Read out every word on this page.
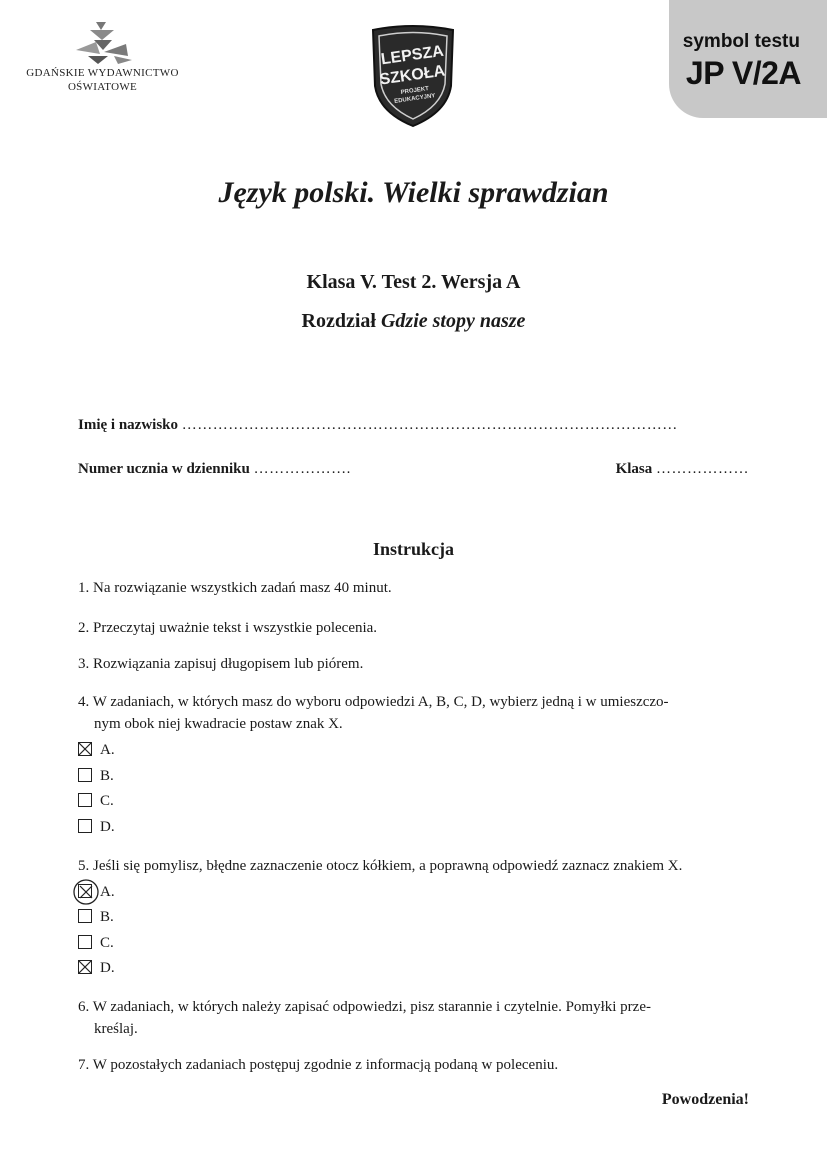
GDAŃSKIE WYDAWNICTWO
OŚWIATOWE
LEPSZA
SZKOŁA
PROJEKT
EDUKACYJNY
symbol testu
JP V/2A
Język polski. Wielki sprawdzian
Klasa V. Test 2. Wersja A
Rozdział Gdzie stopy nasze
Imię i nazwisko ……………………………………………………………………………………
Numer ucznia w dzienniku ……………….	Klasa ………………
Instrukcja
1. Na rozwiązanie wszystkich zadań masz 40 minut.
2. Przeczytaj uważnie tekst i wszystkie polecenia.
3. Rozwiązania zapisuj długopisem lub piórem.
4. W zadaniach, w których masz do wyboru odpowiedzi A, B, C, D, wybierz jedną i w umieszczo-
nym obok niej kwadracie postaw znak X.
A.
B.
C.
D.
5. Jeśli się pomylisz, błędne zaznaczenie otocz kółkiem, a poprawną odpowiedź zaznacz znakiem X.
A.
B.
C.
D.
6. W zadaniach, w których należy zapisać odpowiedzi, pisz starannie i czytelnie. Pomyłki prze-
kreślaj.
7. W pozostałych zadaniach postępuj zgodnie z informacją podaną w poleceniu.
Powodzenia!
